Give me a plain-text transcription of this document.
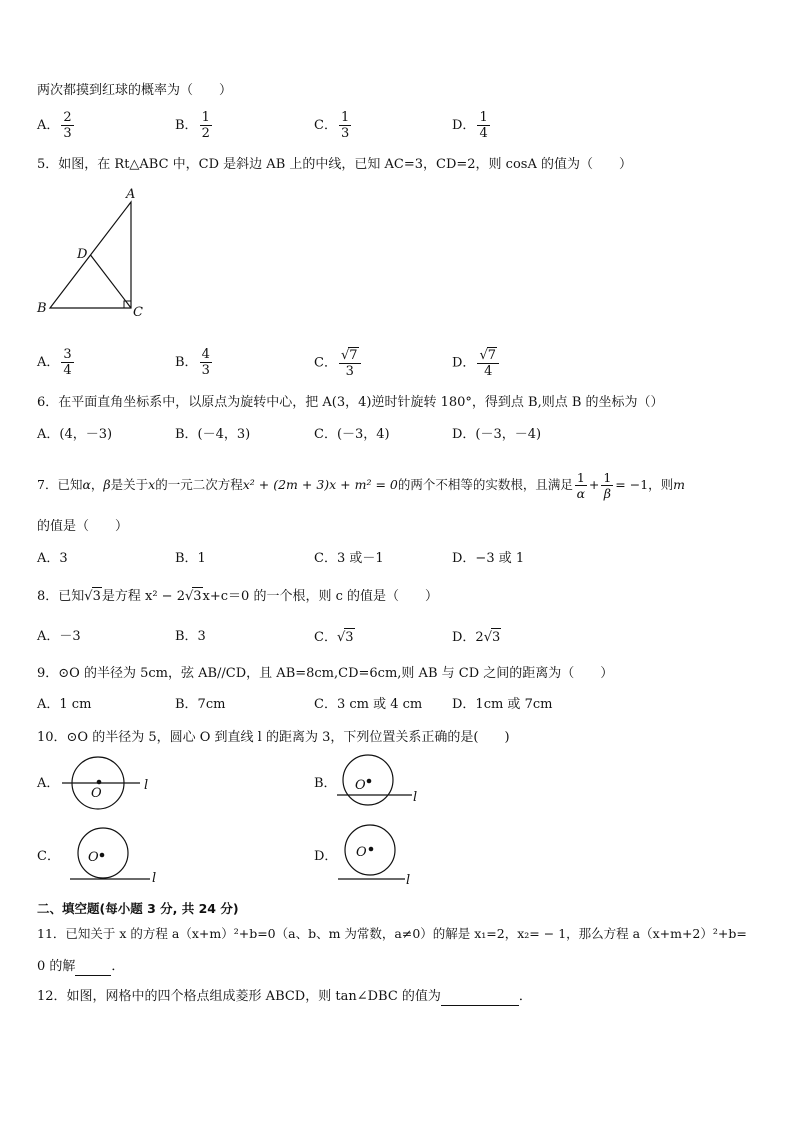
两次都摸到红球的概率为（　　）
A． $\frac{2}{3}$	B． $\frac{1}{2}$	C． $\frac{1}{3}$	D． $\frac{1}{4}$
5．如图，在 Rt△ABC 中，CD 是斜边 AB 上的中线，已知 AC=3，CD=2，则 cosA 的值为（　　）
A
D
B	C
A． $\frac{3}{4}$	B． $\frac{4}{3}$	C． $\frac{√7}{3}$	D． $\frac{√7}{4}$
6．在平面直角坐标系中，以原点为旋转中心，把 A(3，4)逆时针旋转 180°，得到点 B,则点 B 的坐标为（）
A．(4，－3)	B．(－4，3)	C．(－3，4)	D．(－3，－4)
7．已知α，β是关于x的一元二次方程x² + (2m + 3)x + m² = 0的两个不相等的实数根，且满足 $\frac{1}{\alpha} + \frac{1}{\beta} = -1$，则m
的值是（　　）
A．3	B．1	C．3 或－1	D．−3 或 1
8．已知√3是方程 x² − 2√3x+c＝0 的一个根，则 c 的值是（　　）
A．－3	B．3	C．√3	D．2√3
9．⊙O 的半径为 5cm，弦 AB//CD，且 AB=8cm,CD=6cm,则 AB 与 CD 之间的距离为（　　）
A．1 cm	B．7cm	C．3 cm 或 4 cm D．1cm 或 7cm
10．⊙O 的半径为 5，圆心 O 到直线 l 的距离为 3，下列位置关系正确的是(　　)
A．	B．
C．	D．
O
l	O
l
O
l
O
l
二、填空题(每小题 3 分, 共 24 分)
11．已知关于 x 的方程 a（x+m）²+b=0（a、b、m 为常数，a≠0）的解是 x₁=2，x₂= − 1，那么方程 a（x+m+2）²+b=
0 的解	．
12．如图，网格中的四个格点组成菱形 ABCD，则 tan∠DBC 的值为	．
